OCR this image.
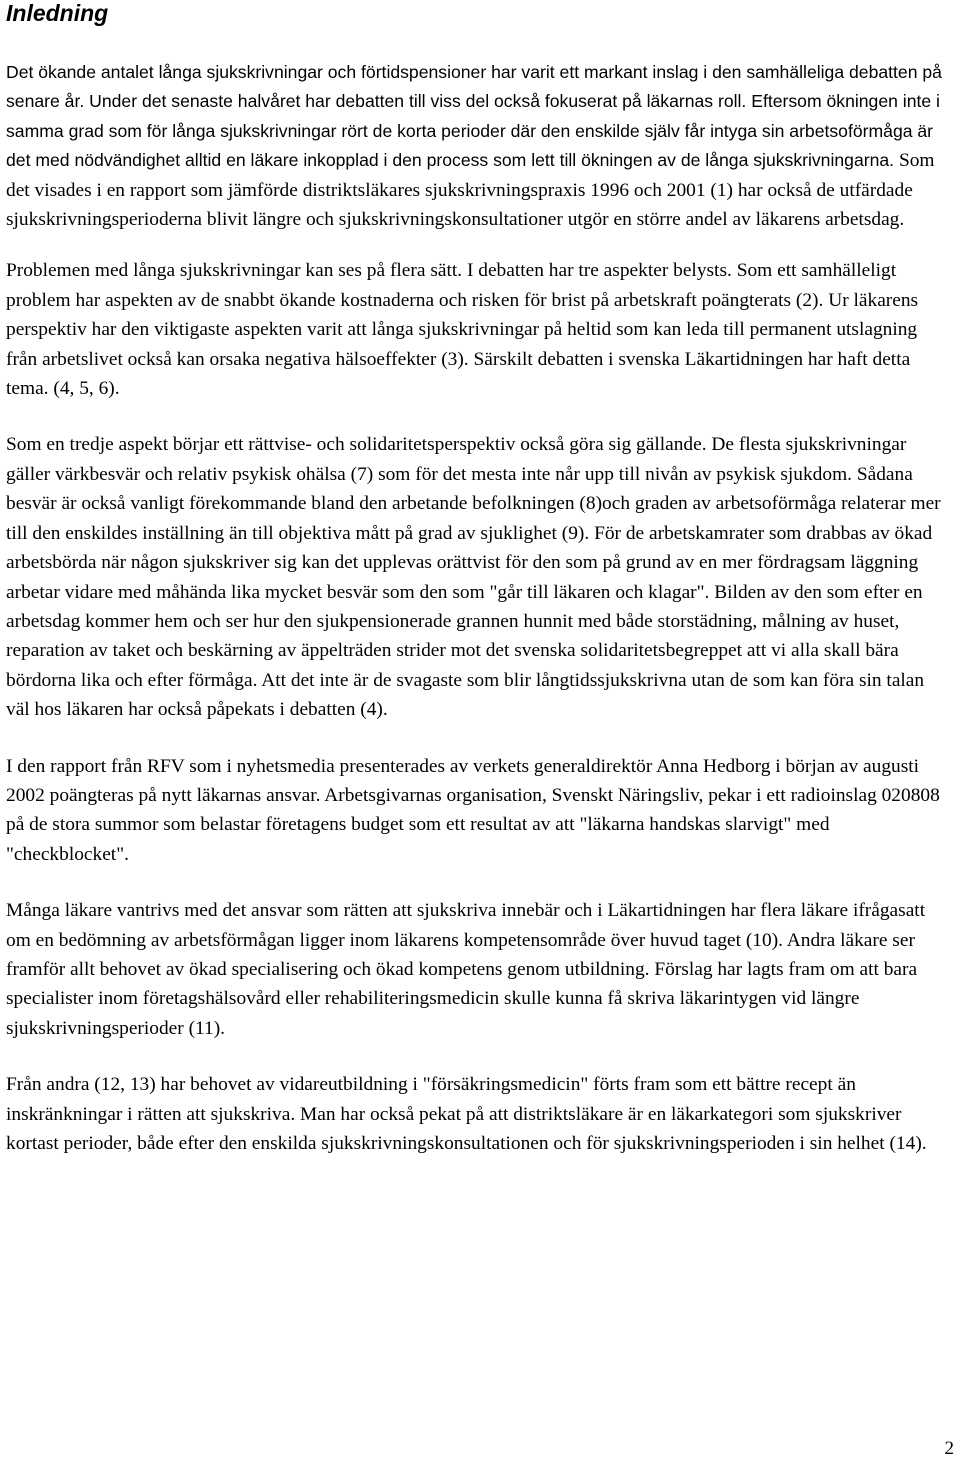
Inledning

Det ökande antalet långa sjukskrivningar och förtidspensioner har varit ett markant inslag i den samhälleliga debatten på senare år. Under det senaste halvåret har debatten till viss del också fokuserat på läkarnas roll. Eftersom ökningen inte i samma grad som för långa sjukskrivningar rört de korta perioder där den enskilde själv får intyga sin arbetsoförmåga är det med nödvändighet alltid en läkare inkopplad i den process som lett till ökningen av de långa sjukskrivningarna. Som det visades i en rapport som jämförde distriktsläkares sjukskrivningspraxis 1996 och 2001 (1) har också de utfärdade sjukskrivningsperioderna blivit längre och sjukskrivningskonsultationer utgör en större andel av läkarens arbetsdag.

Problemen med långa sjukskrivningar kan ses på flera sätt. I debatten har tre aspekter belysts. Som ett samhälleligt problem har aspekten av de snabbt ökande kostnaderna och risken för brist på arbetskraft poängterats (2). Ur läkarens perspektiv har den viktigaste aspekten varit att långa sjukskrivningar på heltid som kan leda till permanent utslagning från arbetslivet också kan orsaka negativa hälsoeffekter (3). Särskilt debatten i svenska Läkartidningen har haft detta tema. (4, 5, 6).

Som en tredje aspekt börjar ett rättvise- och solidaritetsperspektiv också göra sig gällande. De flesta sjukskrivningar gäller värkbesvär och relativ psykisk ohälsa (7) som för det mesta inte når upp till nivån av psykisk sjukdom. Sådana besvär är också vanligt förekommande bland den arbetande befolkningen (8)och graden av arbetsoförmåga relaterar mer till den enskildes inställning än till objektiva mått på grad av sjuklighet (9). För de arbetskamrater som drabbas av ökad arbetsbörda när någon sjukskriver sig kan det upplevas orättvist för den som på grund av en mer fördragsam läggning arbetar vidare med måhända lika mycket besvär som den som "går till läkaren och klagar". Bilden av den som efter en arbetsdag kommer hem och ser hur den sjukpensionerade grannen hunnit med både storstädning, målning av huset, reparation av taket och beskärning av äppelträden strider mot det svenska solidaritetsbegreppet att vi alla skall bära bördorna lika och efter förmåga. Att det inte är de svagaste som blir långtidssjukskrivna utan de som kan föra sin talan väl hos läkaren har också påpekats i debatten (4).

I den rapport från RFV som i nyhetsmedia presenterades av verkets generaldirektör Anna Hedborg i början av augusti 2002 poängteras på nytt läkarnas ansvar. Arbetsgivarnas organisation, Svenskt Näringsliv, pekar i ett radioinslag 020808 på de stora summor som belastar företagens budget som ett resultat av att "läkarna handskas slarvigt" med "checkblocket".

Många läkare vantrivs med det ansvar som rätten att sjukskriva innebär och i Läkartidningen har flera läkare ifrågasatt om en bedömning av arbetsförmågan ligger inom läkarens kompetensområde över huvud taget (10). Andra läkare ser framför allt behovet av ökad specialisering och ökad kompetens genom utbildning. Förslag har lagts fram om att bara specialister inom företagshälsovård eller rehabiliteringsmedicin skulle kunna få skriva läkarintygen vid längre sjukskrivningsperioder (11).

Från andra (12, 13) har behovet av vidareutbildning i "försäkringsmedicin" förts fram som ett bättre recept än inskränkningar i rätten att sjukskriva. Man har också pekat på att distriktsläkare är en läkarkategori som sjukskriver kortast perioder, både efter den enskilda sjukskrivningskonsultationen och för sjukskrivningsperioden i sin helhet (14).

2
